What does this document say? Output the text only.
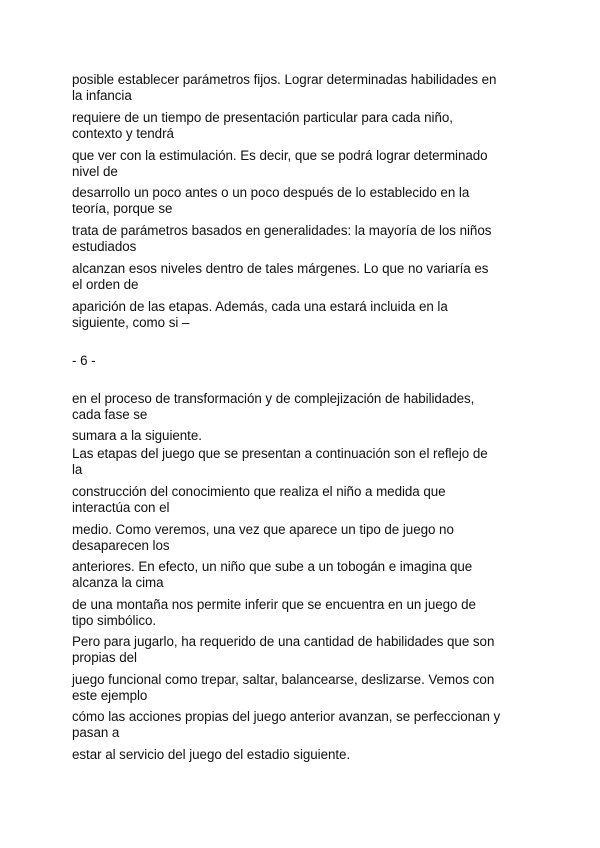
posible establecer parámetros fijos. Lograr determinadas habilidades en
la infancia
requiere de un tiempo de presentación particular para cada niño,
contexto y tendrá
que ver con la estimulación. Es decir, que se podrá lograr determinado
nivel de
desarrollo un poco antes o un poco después de lo establecido en la
teoría, porque se
trata de parámetros basados en generalidades: la mayoría de los niños
estudiados
alcanzan esos niveles dentro de tales márgenes. Lo que no variaría es
el orden de
aparición de las etapas. Además, cada una estará incluida en la
siguiente, como si –
- 6 -
en el proceso de transformación y de complejización de habilidades,
cada fase se
sumara a la siguiente.
Las etapas del juego que se presentan a continuación son el reflejo de
la
construcción del conocimiento que realiza el niño a medida que
interactúa con el
medio. Como veremos, una vez que aparece un tipo de juego no
desaparecen los
anteriores. En efecto, un niño que sube a un tobogán e imagina que
alcanza la cima
de una montaña nos permite inferir que se encuentra en un juego de
tipo simbólico.
Pero para jugarlo, ha requerido de una cantidad de habilidades que son
propias del
juego funcional como trepar, saltar, balancearse, deslizarse. Vemos con
este ejemplo
cómo las acciones propias del juego anterior avanzan, se perfeccionan y
pasan a
estar al servicio del juego del estadio siguiente.
